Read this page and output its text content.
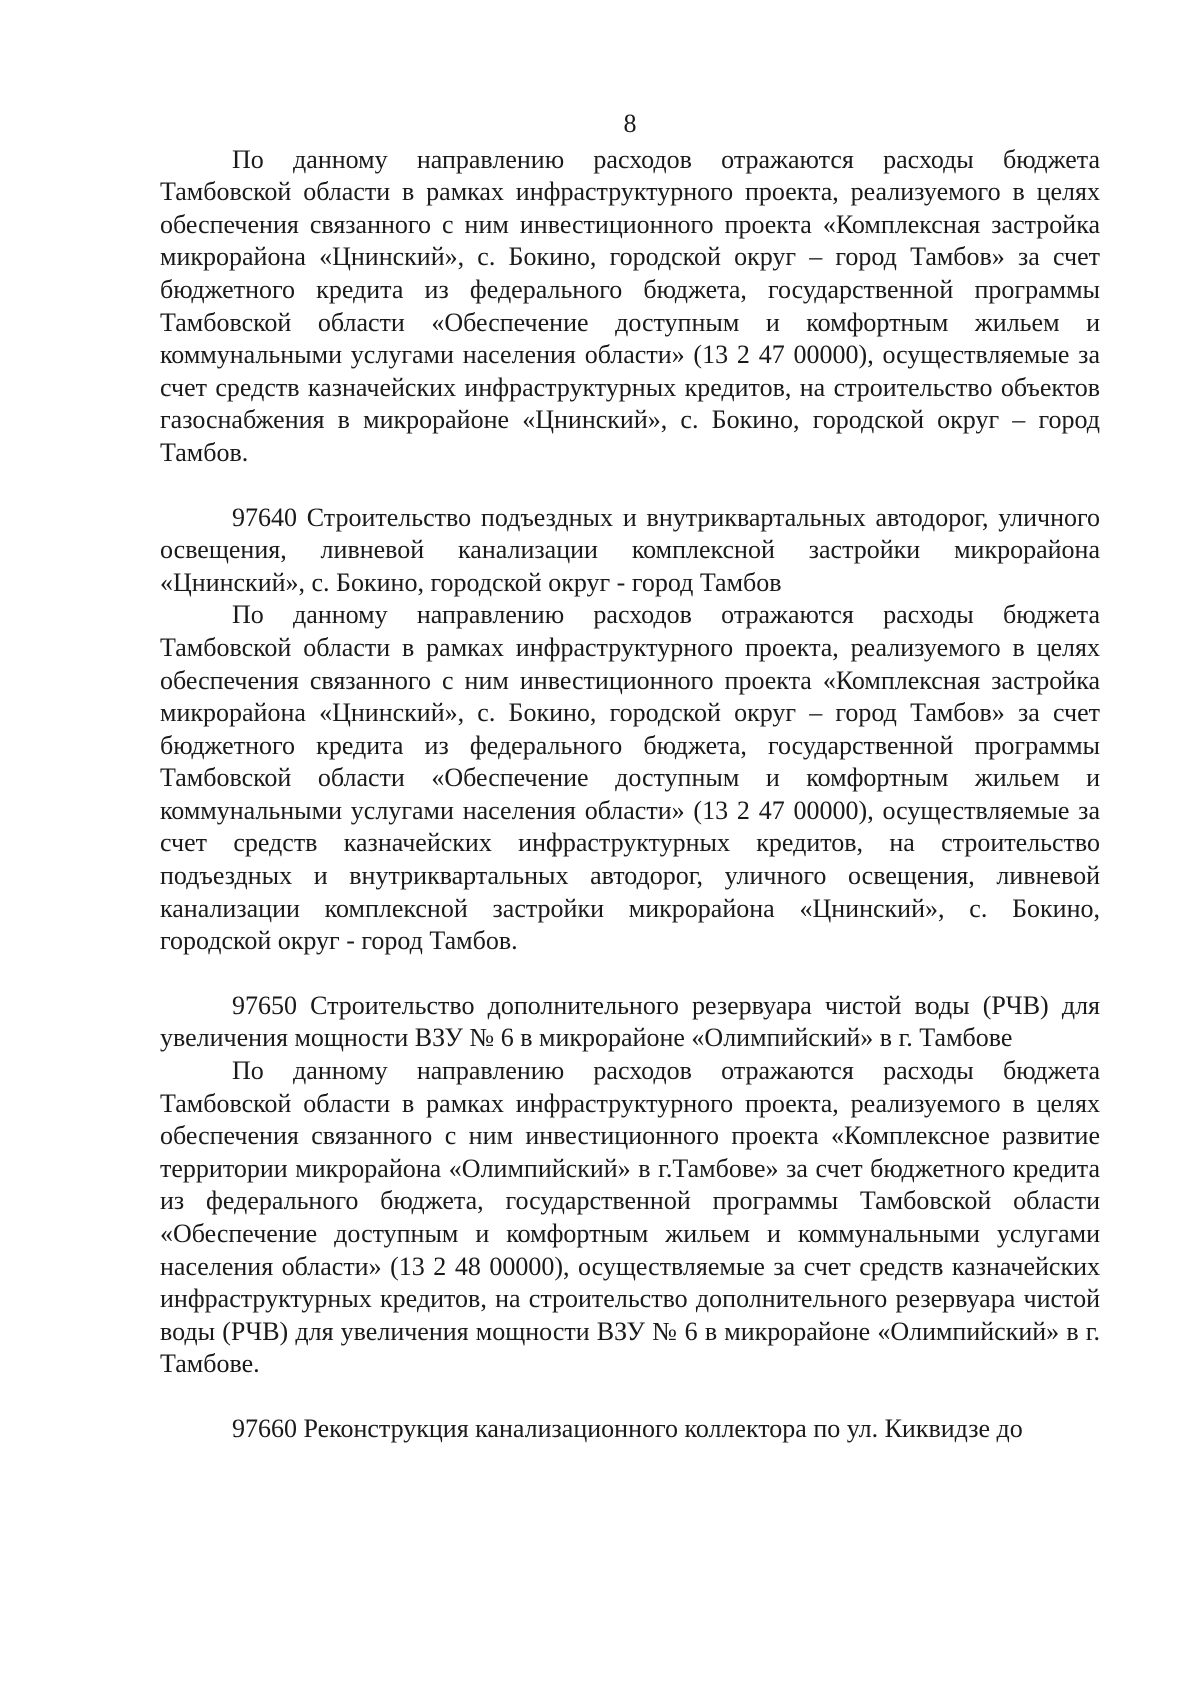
8

По данному направлению расходов отражаются расходы бюджета Тамбовской области в рамках инфраструктурного проекта, реализуемого в целях обеспечения связанного с ним инвестиционного проекта «Комплексная застройка микрорайона «Цнинский», с. Бокино, городской округ – город Тамбов» за счет бюджетного кредита из федерального бюджета, государственной программы Тамбовской области «Обеспечение доступным и комфортным жильем и коммунальными услугами населения области» (13 2 47 00000), осуществляемые за счет средств казначейских инфраструктурных кредитов, на строительство объектов газоснабжения в микрорайоне «Цнинский», с. Бокино, городской округ – город Тамбов.

97640 Строительство подъездных и внутриквартальных автодорог, уличного освещения, ливневой канализации комплексной застройки микрорайона «Цнинский», с. Бокино, городской округ - город Тамбов

По данному направлению расходов отражаются расходы бюджета Тамбовской области в рамках инфраструктурного проекта, реализуемого в целях обеспечения связанного с ним инвестиционного проекта «Комплексная застройка микрорайона «Цнинский», с. Бокино, городской округ – город Тамбов» за счет бюджетного кредита из федерального бюджета, государственной программы Тамбовской области «Обеспечение доступным и комфортным жильем и коммунальными услугами населения области» (13 2 47 00000), осуществляемые за счет средств казначейских инфраструктурных кредитов, на строительство подъездных и внутриквартальных автодорог, уличного освещения, ливневой канализации комплексной застройки микрорайона «Цнинский», с. Бокино, городской округ - город Тамбов.

97650 Строительство дополнительного резервуара чистой воды (РЧВ) для увеличения мощности ВЗУ № 6 в микрорайоне «Олимпийский» в г. Тамбове

По данному направлению расходов отражаются расходы бюджета Тамбовской области в рамках инфраструктурного проекта, реализуемого в целях обеспечения связанного с ним инвестиционного проекта «Комплексное развитие территории микрорайона «Олимпийский» в г.Тамбове» за счет бюджетного кредита из федерального бюджета, государственной программы Тамбовской области «Обеспечение доступным и комфортным жильем и коммунальными услугами населения области» (13 2 48 00000), осуществляемые за счет средств казначейских инфраструктурных кредитов, на строительство дополнительного резервуара чистой воды (РЧВ) для увеличения мощности ВЗУ № 6 в микрорайоне «Олимпийский» в г. Тамбове.

97660 Реконструкция канализационного коллектора по ул. Киквидзе до
